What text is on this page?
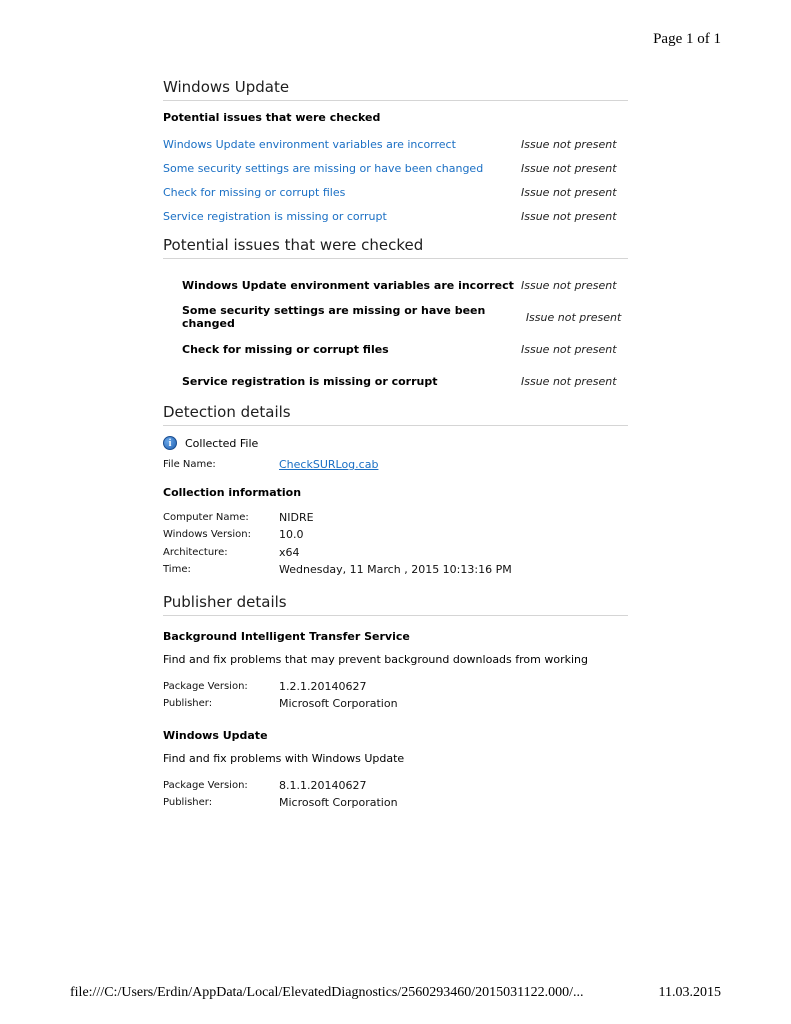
Page 1 of 1
Windows Update
Potential issues that were checked
Windows Update environment variables are incorrect	Issue not present
Some security settings are missing or have been changed	Issue not present
Check for missing or corrupt files	Issue not present
Service registration is missing or corrupt	Issue not present
Potential issues that were checked
Windows Update environment variables are incorrect Issue not present
Some security settings are missing or have been changed	Issue not present
Check for missing or corrupt files	Issue not present
Service registration is missing or corrupt	Issue not present
Detection details
i	Collected File
File Name:	CheckSURLog.cab
Collection information
Computer Name:	NIDRE
Windows Version:	10.0
Architecture:	x64
Time:	Wednesday, 11 March , 2015 10:13:16 PM
Publisher details
Background Intelligent Transfer Service
Find and fix problems that may prevent background downloads from working
Package Version:	1.2.1.20140627
Publisher:	Microsoft Corporation
Windows Update
Find and fix problems with Windows Update
Package Version:	8.1.1.20140627
Publisher:	Microsoft Corporation
file:///C:/Users/Erdin/AppData/Local/ElevatedDiagnostics/2560293460/2015031122.000/...	11.03.2015
